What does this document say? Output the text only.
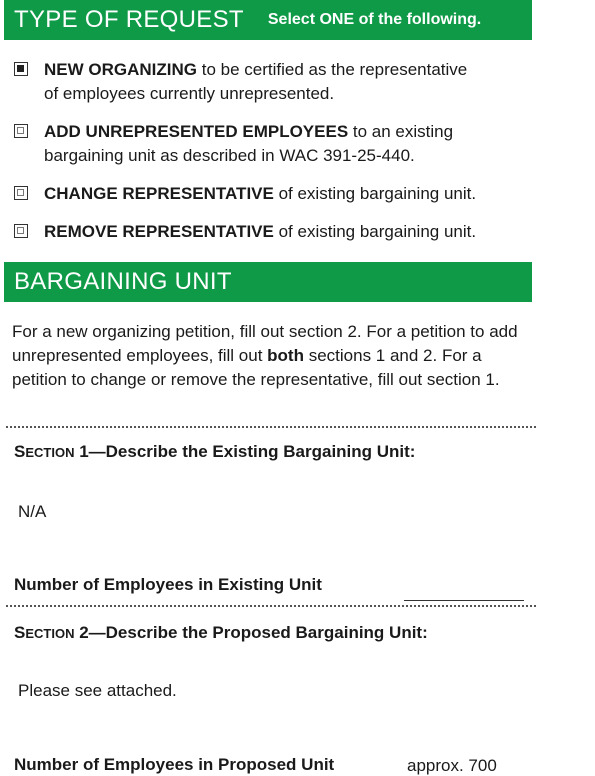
TYPE OF REQUEST Select ONE of the following.
NEW ORGANIZING to be certified as the representative
of employees currently unrepresented.
ADD UNREPRESENTED EMPLOYEES to an existing
bargaining unit as described in WAC 391-25-440.
CHANGE REPRESENTATIVE of existing bargaining unit.
REMOVE REPRESENTATIVE of existing bargaining unit.
BARGAINING UNIT
For a new organizing petition, fill out section 2. For a petition to add unrepresented employees, fill out both sections 1 and 2. For a petition to change or remove the representative, fill out section 1.
SECTION 1—Describe the Existing Bargaining Unit:
N/A
Number of Employees in Existing Unit
SECTION 2—Describe the Proposed Bargaining Unit:
Please see attached.
Number of Employees in Proposed Unit	approx. 700
